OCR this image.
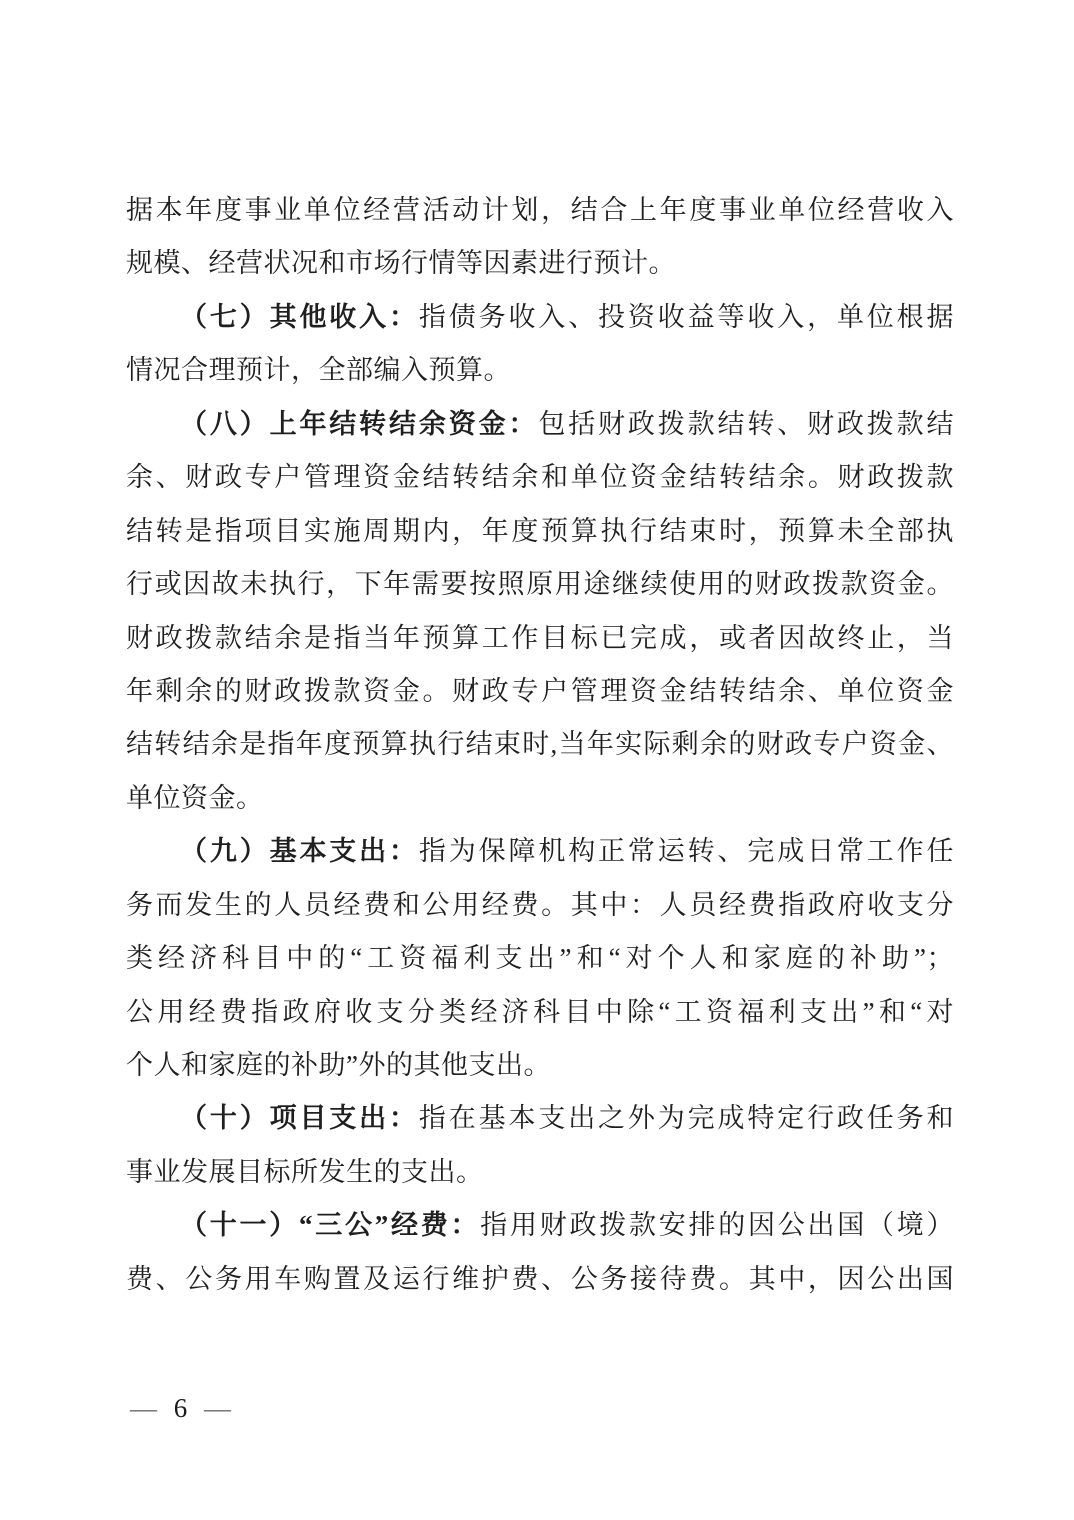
据本年度事业单位经营活动计划，结合上年度事业单位经营收入
规模、经营状况和市场行情等因素进行预计。
（七）其他收入：指债务收入、投资收益等收入，单位根据
情况合理预计，全部编入预算。
（八）上年结转结余资金：包括财政拨款结转、财政拨款结
余、财政专户管理资金结转结余和单位资金结转结余。财政拨款
结转是指项目实施周期内，年度预算执行结束时，预算未全部执
行或因故未执行，下年需要按照原用途继续使用的财政拨款资金。
财政拨款结余是指当年预算工作目标已完成，或者因故终止，当
年剩余的财政拨款资金。财政专户管理资金结转结余、单位资金
结转结余是指年度预算执行结束时,当年实际剩余的财政专户资金、
单位资金。
（九）基本支出：指为保障机构正常运转、完成日常工作任
务而发生的人员经费和公用经费。其中：人员经费指政府收支分
类经济科目中的“工资福利支出”和“对个人和家庭的补助”；
公用经费指政府收支分类经济科目中除“工资福利支出”和“对
个人和家庭的补助”外的其他支出。
（十）项目支出：指在基本支出之外为完成特定行政任务和
事业发展目标所发生的支出。
（十一）“三公”经费：指用财政拨款安排的因公出国（境）
费、公务用车购置及运行维护费、公务接待费。其中，因公出国
— 6 —
